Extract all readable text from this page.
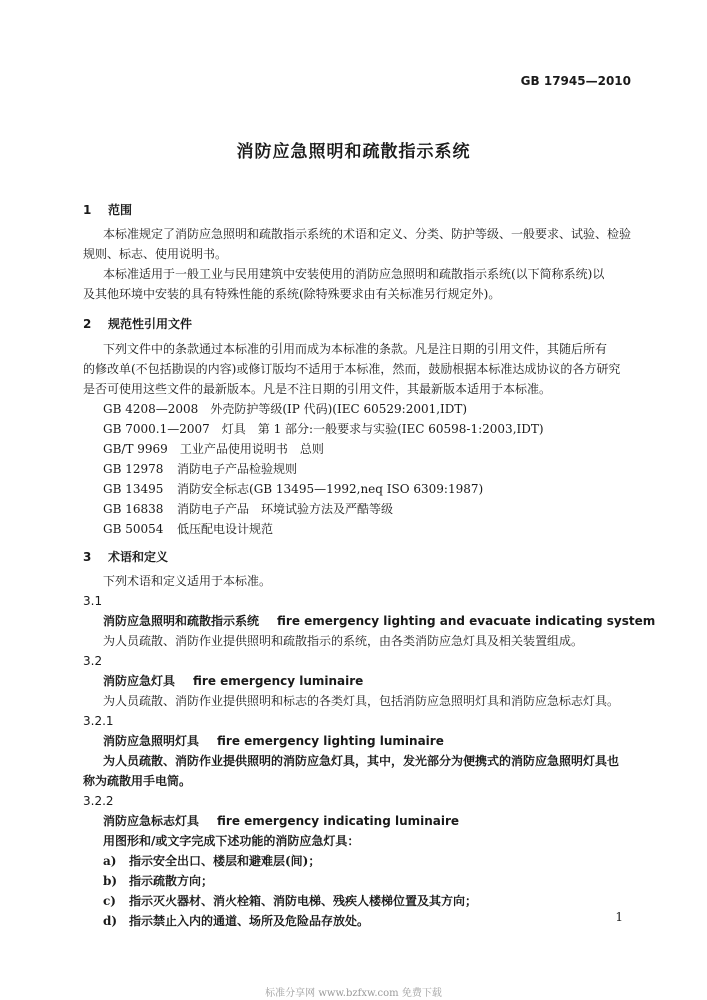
GB 17945—2010
消防应急照明和疏散指示系统
1 范围
本标准规定了消防应急照明和疏散指示系统的术语和定义、分类、防护等级、一般要求、试验、检验
规则、标志、使用说明书。
本标准适用于一般工业与民用建筑中安装使用的消防应急照明和疏散指示系统(以下简称系统)以
及其他环境中安装的具有特殊性能的系统(除特殊要求由有关标准另行规定外)。
2 规范性引用文件
下列文件中的条款通过本标准的引用而成为本标准的条款。凡是注日期的引用文件，其随后所有
的修改单(不包括勘误的内容)或修订版均不适用于本标准，然而，鼓励根据本标准达成协议的各方研究
是否可使用这些文件的最新版本。凡是不注日期的引用文件，其最新版本适用于本标准。
GB 4208—2008　 外壳防护等级(IP 代码)(IEC 60529:2001,IDT)
GB 7000.1—2007　 灯具　第 1 部分:一般要求与实验(IEC 60598-1:2003,IDT)
GB/T 9969　 工业产品使用说明书　总则
GB 12978　 消防电子产品检验规则
GB 13495　 消防安全标志(GB 13495—1992,neq ISO 6309:1987)
GB 16838　 消防电子产品　环境试验方法及严酷等级
GB 50054　 低压配电设计规范
3 术语和定义
下列术语和定义适用于本标准。
3.1
消防应急照明和疏散指示系统 fire emergency lighting and evacuate indicating system
为人员疏散、消防作业提供照明和疏散指示的系统，由各类消防应急灯具及相关装置组成。
3.2
消防应急灯具 fire emergency luminaire
为人员疏散、消防作业提供照明和标志的各类灯具，包括消防应急照明灯具和消防应急标志灯具。
3.2.1
消防应急照明灯具 fire emergency lighting luminaire
为人员疏散、消防作业提供照明的消防应急灯具，其中，发光部分为便携式的消防应急照明灯具也
称为疏散用手电筒。
3.2.2
消防应急标志灯具 fire emergency indicating luminaire
用图形和/或文字完成下述功能的消防应急灯具：
a) 指示安全出口、楼层和避难层(间)；
b) 指示疏散方向；
c) 指示灭火器材、消火栓箱、消防电梯、残疾人楼梯位置及其方向；
d) 指示禁止入内的通道、场所及危险品存放处。	1
标准分享网 www.bzfxw.com 免费下载
